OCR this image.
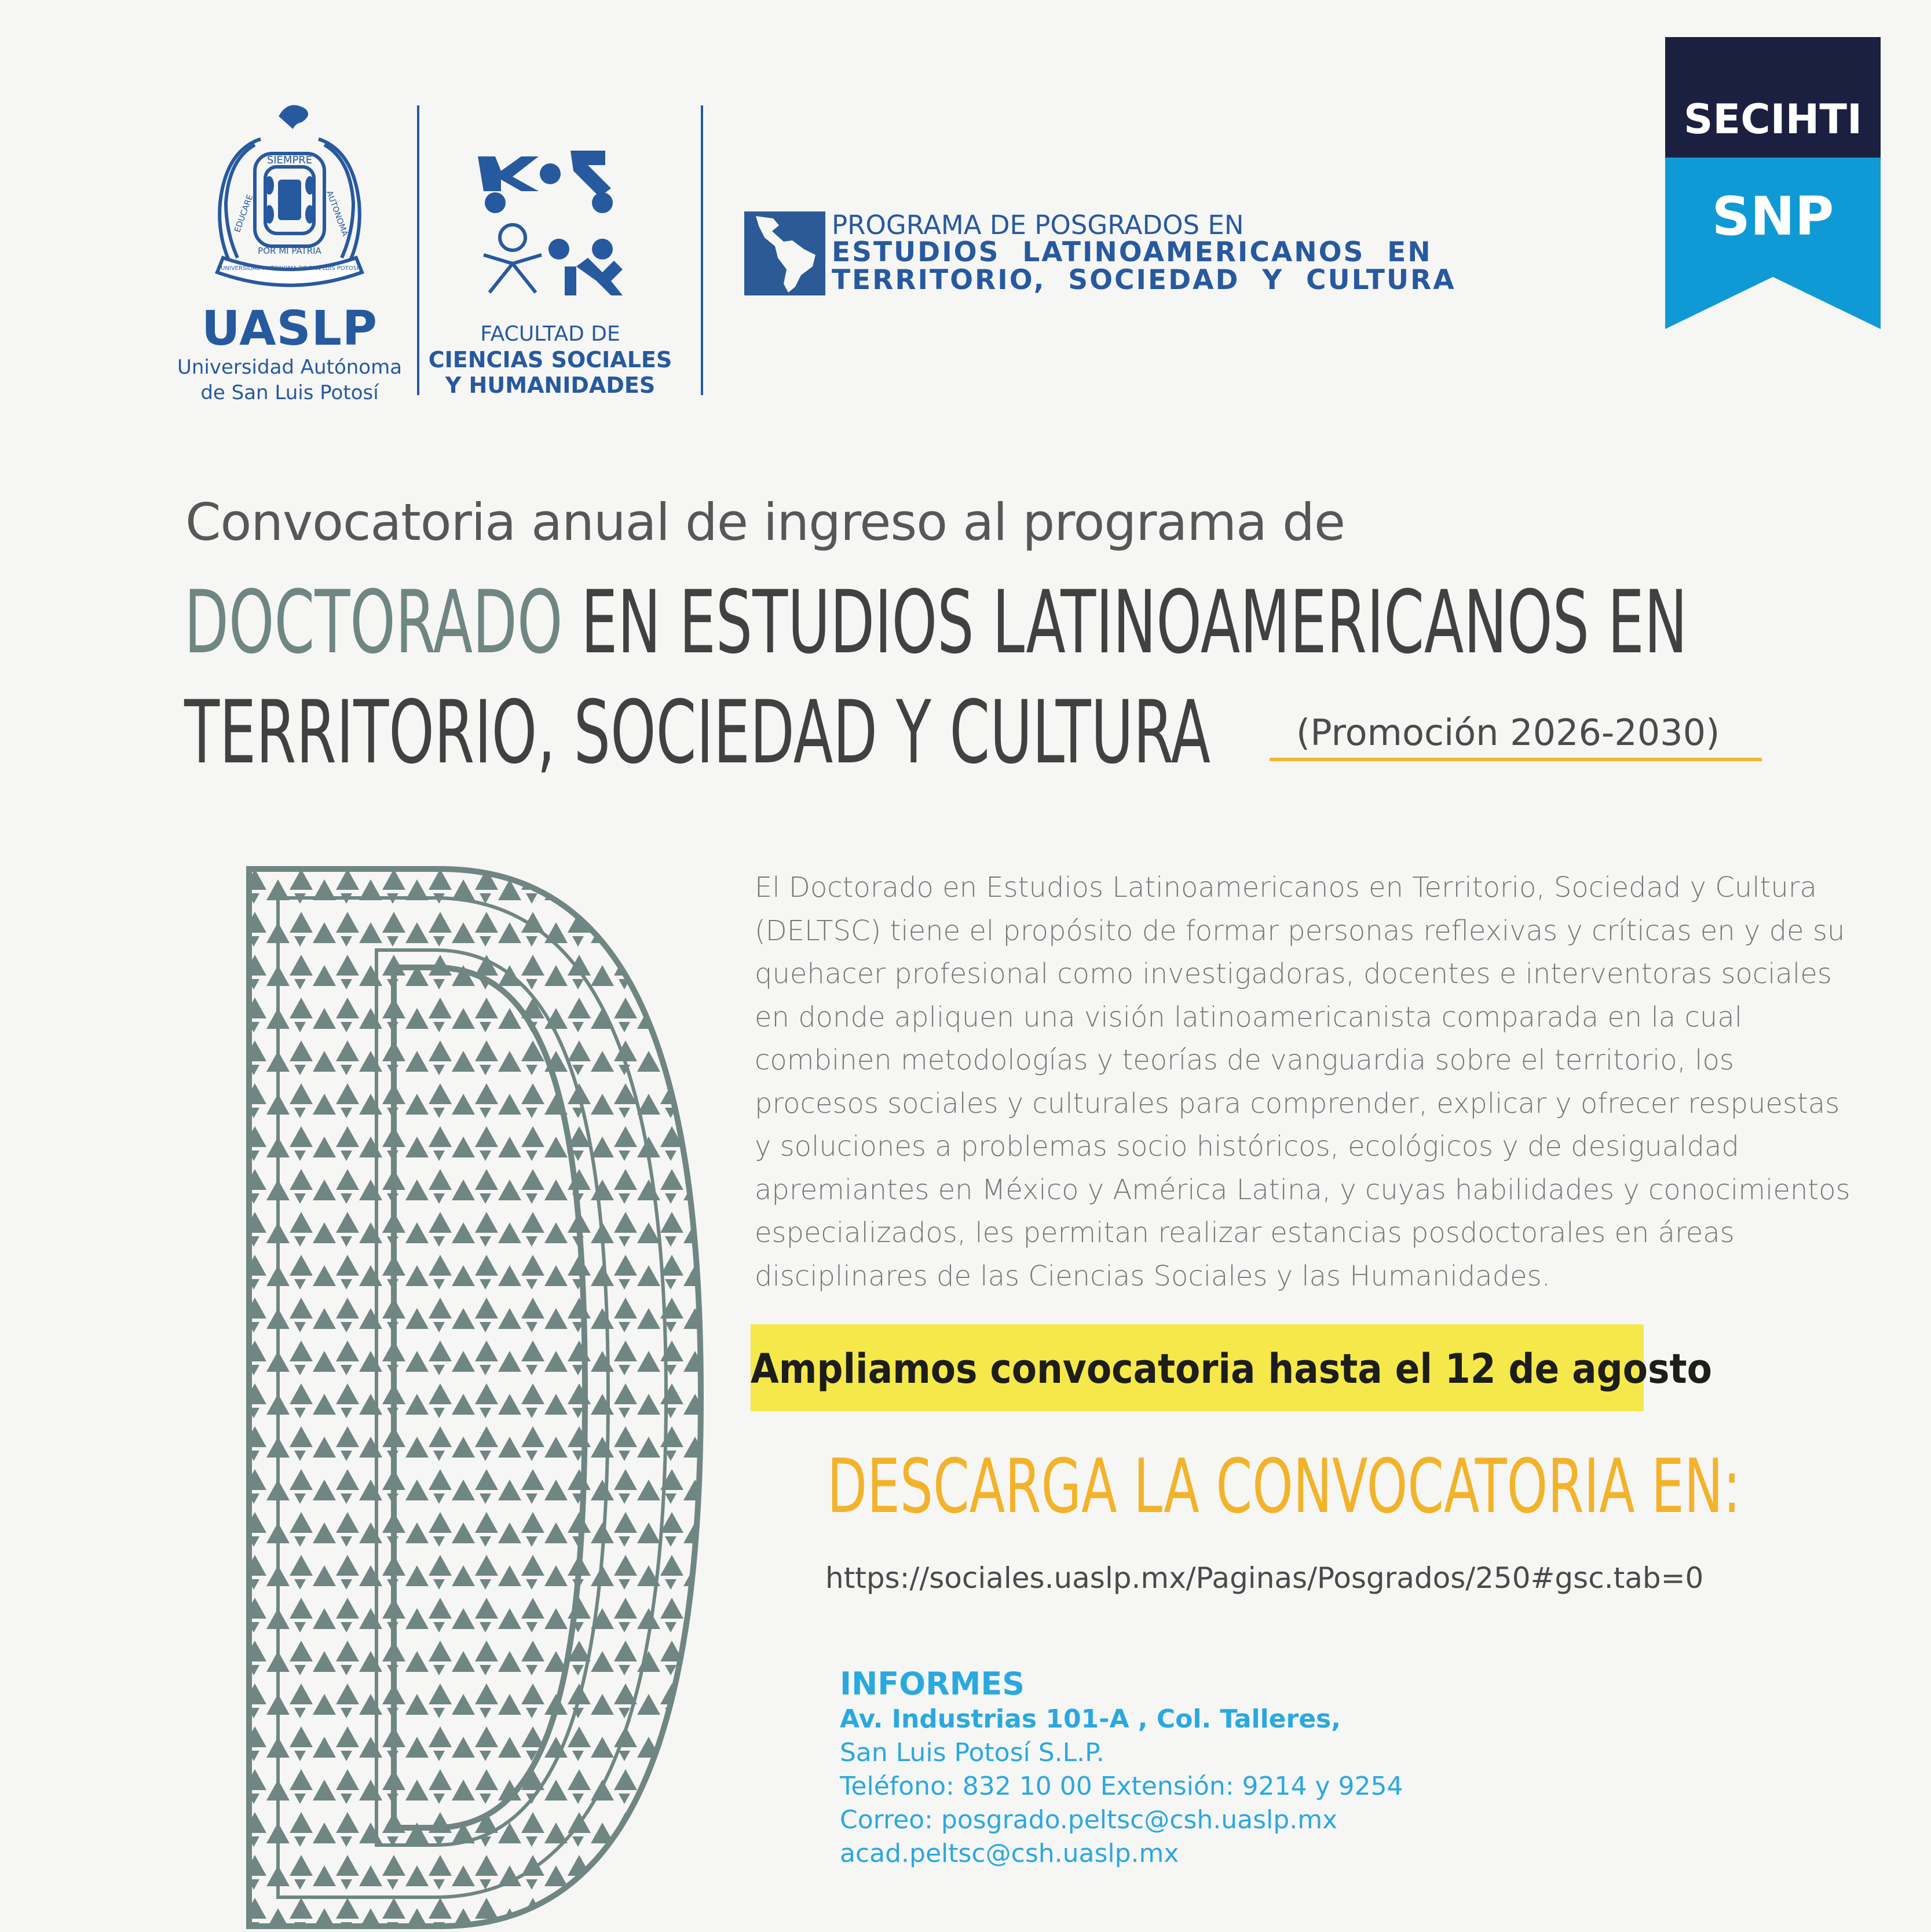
SIEMPRE
EDUCARE	AUTONOMA
POR MI PATRIA
UNIVERSIDAD AUTONOMA DE SAN LUIS POTOSI
UASLP
Universidad Autónoma
de San Luis Potosí
FACULTAD DE
CIENCIAS SOCIALES
Y HUMANIDADES
PROGRAMA DE POSGRADOS EN
ESTUDIOS  LATINOAMERICANOS  EN
TERRITORIO,  SOCIEDAD  Y  CULTURA
SECIHTI
SNP
Convocatoria anual de ingreso al programa de
DOCTORADO EN ESTUDIOS LATINOAMERICANOS EN
TERRITORIO, SOCIEDAD Y CULTURA (Promoción 2026-2030)
El Doctorado en Estudios Latinoamericanos en Territorio, Sociedad y Cultura (DELTSC) tiene el propósito de formar personas reflexivas y críticas en y de su quehacer profesional como investigadoras, docentes e interventoras sociales en donde apliquen una visión latinoamericanista comparada en la cual combinen metodologías y teorías de vanguardia sobre el territorio, los procesos sociales y culturales para comprender, explicar y ofrecer respuestas y soluciones a problemas socio históricos, ecológicos y de desigualdad apremiantes en México y América Latina, y cuyas habilidades y conocimientos especializados, les permitan realizar estancias posdoctorales en áreas disciplinares de las Ciencias Sociales y las Humanidades.
Ampliamos convocatoria hasta el 12 de agosto
DESCARGA LA CONVOCATORIA EN:
https://sociales.uaslp.mx/Paginas/Posgrados/250#gsc.tab=0
INFORMES
Av. Industrias 101-A , Col. Talleres,
San Luis Potosí S.L.P.
Teléfono: 832 10 00 Extensión: 9214 y 9254
Correo: posgrado.peltsc@csh.uaslp.mx
acad.peltsc@csh.uaslp.mx
